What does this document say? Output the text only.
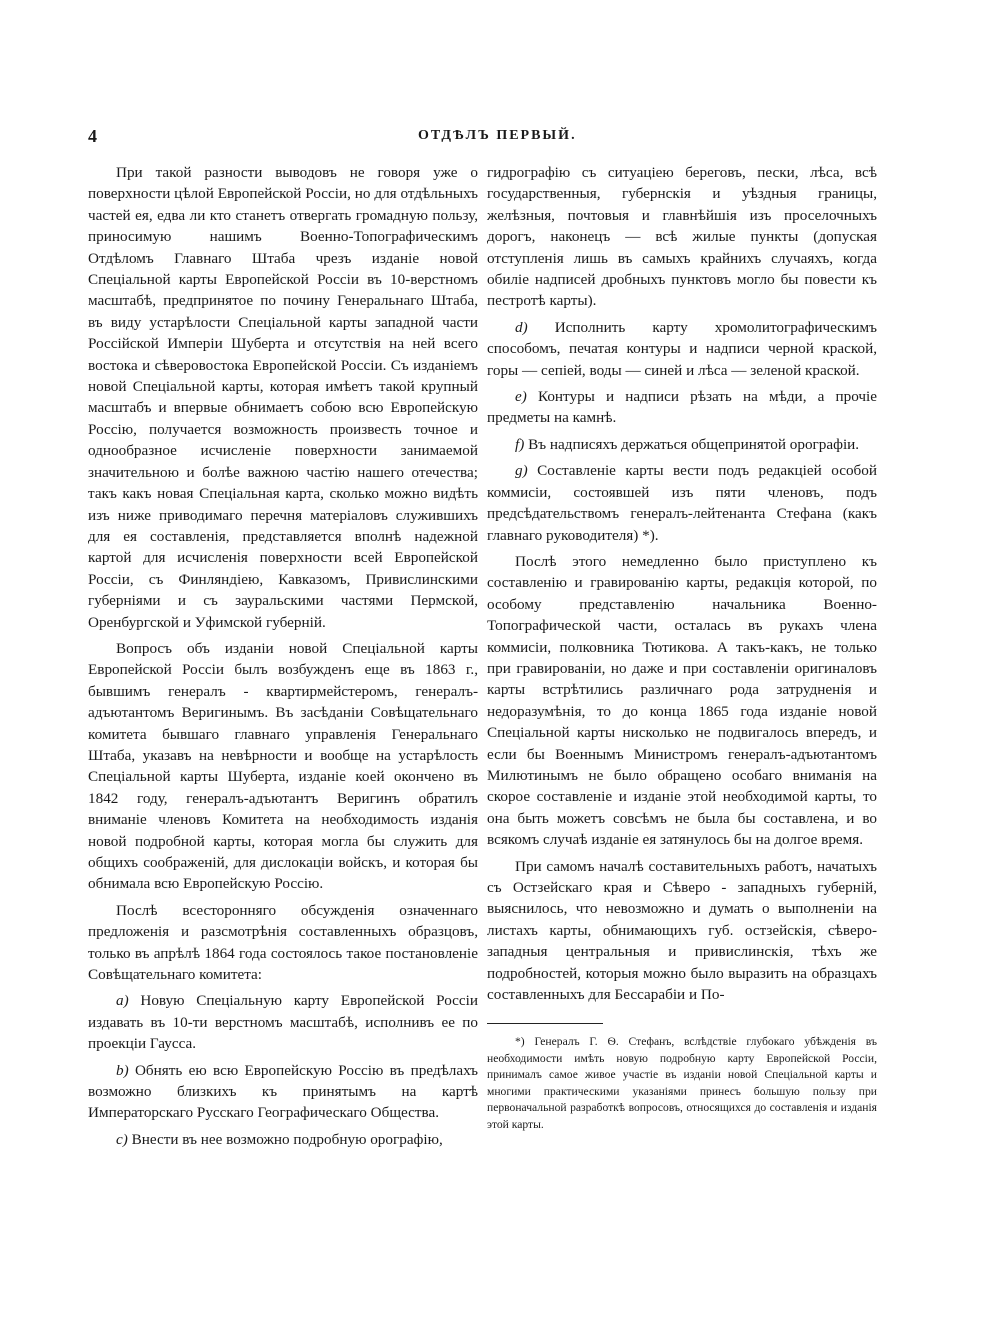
4	ОТДѢЛЪ ПЕРВЫЙ.

При такой разности выводовъ не говоря уже о поверхности цѣлой Европейской Россіи, но для отдѣльныхъ частей ея, едва ли кто станетъ отвергать громадную пользу, приносимую нашимъ Военно-Топографическимъ Отдѣломъ Главнаго Штаба чрезъ изданіе новой Спеціальной карты Европейской Россіи въ 10-верстномъ масштабѣ, предпринятое по почину Генеральнаго Штаба, въ виду устарѣлости Спеціальной карты западной части Россійской Имперіи Шуберта и отсутствія на ней всего востока и сѣверовостока Европейской Россіи. Съ изданіемъ новой Спеціальной карты, которая имѣетъ такой крупный масштабъ и впервые обнимаетъ собою всю Европейскую Россію, получается возможность произвесть точное и однообразное исчисленіе поверхности занимаемой значительною и болѣе важною частію нашего отечества; такъ какъ новая Спеціальная карта, сколько можно видѣть изъ ниже приводимаго перечня матеріаловъ служившихъ для ея составленія, представляется вполнѣ надежной картой для исчисленія поверхности всей Европейской Россіи, съ Финляндіею, Кавказомъ, Привислинскими губерніями и съ зауральскими частями Пермской, Оренбургской и Уфимской губерній.

Вопросъ объ изданіи новой Спеціальной карты Европейской Россіи былъ возбужденъ еще въ 1863 г., бывшимъ генералъ - квартирмейстеромъ, генералъ-адъютантомъ Веригинымъ. Въ засѣданіи Совѣщательнаго комитета бывшаго главнаго управленія Генеральнаго Штаба, указавъ на невѣрности и вообще на устарѣлость Спеціальной карты Шуберта, изданіе коей окончено въ 1842 году, генералъ-адъютантъ Веригинъ обратилъ вниманіе членовъ Комитета на необходимость изданія новой подробной карты, которая могла бы служить для общихъ соображеній, для дислокаціи войскъ, и которая бы обнимала всю Европейскую Россію.

Послѣ всесторонняго обсужденія означеннаго предложенія и разсмотрѣнія составленныхъ образцовъ, только въ апрѣлѣ 1864 года состоялось такое постановленіе Совѣщательнаго комитета:

a) Новую Спеціальную карту Европейской Россіи издавать въ 10-ти верстномъ масштабѣ, исполнивъ ее по проекціи Гаусса.

b) Обнять ею всю Европейскую Россію въ предѣлахъ возможно близкихъ къ принятымъ на картѣ Императорскаго Русскаго Географическаго Общества.

c) Внести въ нее возможно подробную орографію,

гидрографію съ ситуаціею береговъ, пески, лѣса, всѣ государственныя, губернскія и уѣздныя границы, желѣзныя, почтовыя и главнѣйшія изъ проселочныхъ дорогъ, наконецъ — всѣ жилые пункты (допуская отступленія лишь въ самыхъ крайнихъ случаяхъ, когда обиліе надписей дробныхъ пунктовъ могло бы повести къ пестротѣ карты).

d) Исполнить карту хромолитографическимъ способомъ, печатая контуры и надписи черной краской, горы — сепіей, воды — синей и лѣса — зеленой краской.

e) Контуры и надписи рѣзать на мѣди, а прочіе предметы на камнѣ.

f) Въ надписяхъ держаться общепринятой орографіи.

g) Составленіе карты вести подъ редакціей особой коммисіи, состоявшей изъ пяти членовъ, подъ предсѣдательствомъ генералъ-лейтенанта Стефана (какъ главнаго руководителя) *).

Послѣ этого немедленно было приступлено къ составленію и гравированію карты, редакція которой, по особому представленію начальника Военно-Топографической части, осталась въ рукахъ члена коммисіи, полковника Тютикова. А такъ-какъ, не только при гравированіи, но даже и при составленіи оригиналовъ карты встрѣтились различнаго рода затрудненія и недоразумѣнія, то до конца 1865 года изданіе новой Спеціальной карты нисколько не подвигалось впередъ, и если бы Военнымъ Министромъ генералъ-адъютантомъ Милютинымъ не было обращено особаго вниманія на скорое составленіе и изданіе этой необходимой карты, то она быть можетъ совсѣмъ не была бы составлена, и во всякомъ случаѣ изданіе ея затянулось бы на долгое время.

При самомъ началѣ составительныхъ работъ, начатыхъ съ Остзейскаго края и Сѣверо - западныхъ губерній, выяснилось, что невозможно и думать о выполненіи на листахъ карты, обнимающихъ губ. остзейскія, сѣверо-западныя центральныя и привислинскія, тѣхъ же подробностей, которыя можно было выразить на образцахъ составленныхъ для Бессарабіи и По-

*) Генералъ Г. Ѳ. Стефанъ, вслѣдствіе глубокаго убѣжденія въ необходимости имѣть новую подробную карту Европейской Россіи, принималъ самое живое участіе въ изданіи новой Спеціальной карты и многими практическими указаніями принесъ большую пользу при первоначальной разработкѣ вопросовъ, относящихся до составленія и изданія этой карты.
